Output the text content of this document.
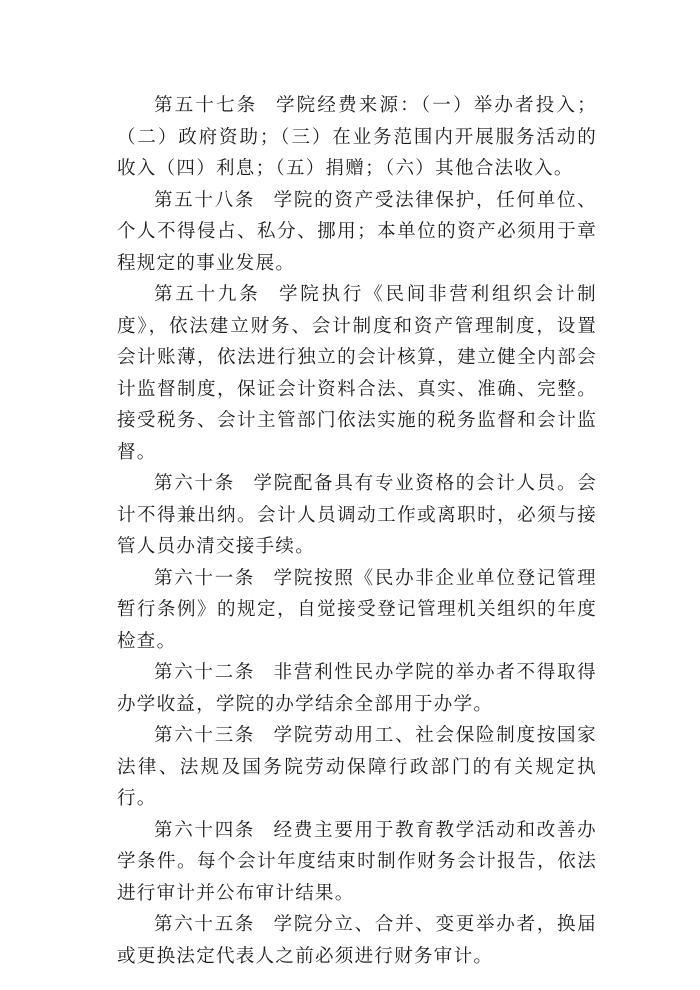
第五十七条 学院经费来源：（一）举办者投入；（二）政府资助；（三）在业务范围内开展服务活动的收入（四）利息；（五）捐赠；（六）其他合法收入。

第五十八条 学院的资产受法律保护，任何单位、个人不得侵占、私分、挪用；本单位的资产必须用于章程规定的事业发展。

第五十九条 学院执行《民间非营利组织会计制度》，依法建立财务、会计制度和资产管理制度，设置会计账薄，依法进行独立的会计核算，建立健全内部会计监督制度，保证会计资料合法、真实、准确、完整。接受税务、会计主管部门依法实施的税务监督和会计监督。

第六十条 学院配备具有专业资格的会计人员。会计不得兼出纳。会计人员调动工作或离职时，必须与接管人员办清交接手续。

第六十一条 学院按照《民办非企业单位登记管理暂行条例》的规定，自觉接受登记管理机关组织的年度检查。

第六十二条 非营利性民办学院的举办者不得取得办学收益，学院的办学结余全部用于办学。

第六十三条 学院劳动用工、社会保险制度按国家法律、法规及国务院劳动保障行政部门的有关规定执行。

第六十四条 经费主要用于教育教学活动和改善办学条件。每个会计年度结束时制作财务会计报告，依法进行审计并公布审计结果。

第六十五条 学院分立、合并、变更举办者，换届或更换法定代表人之前必须进行财务审计。
